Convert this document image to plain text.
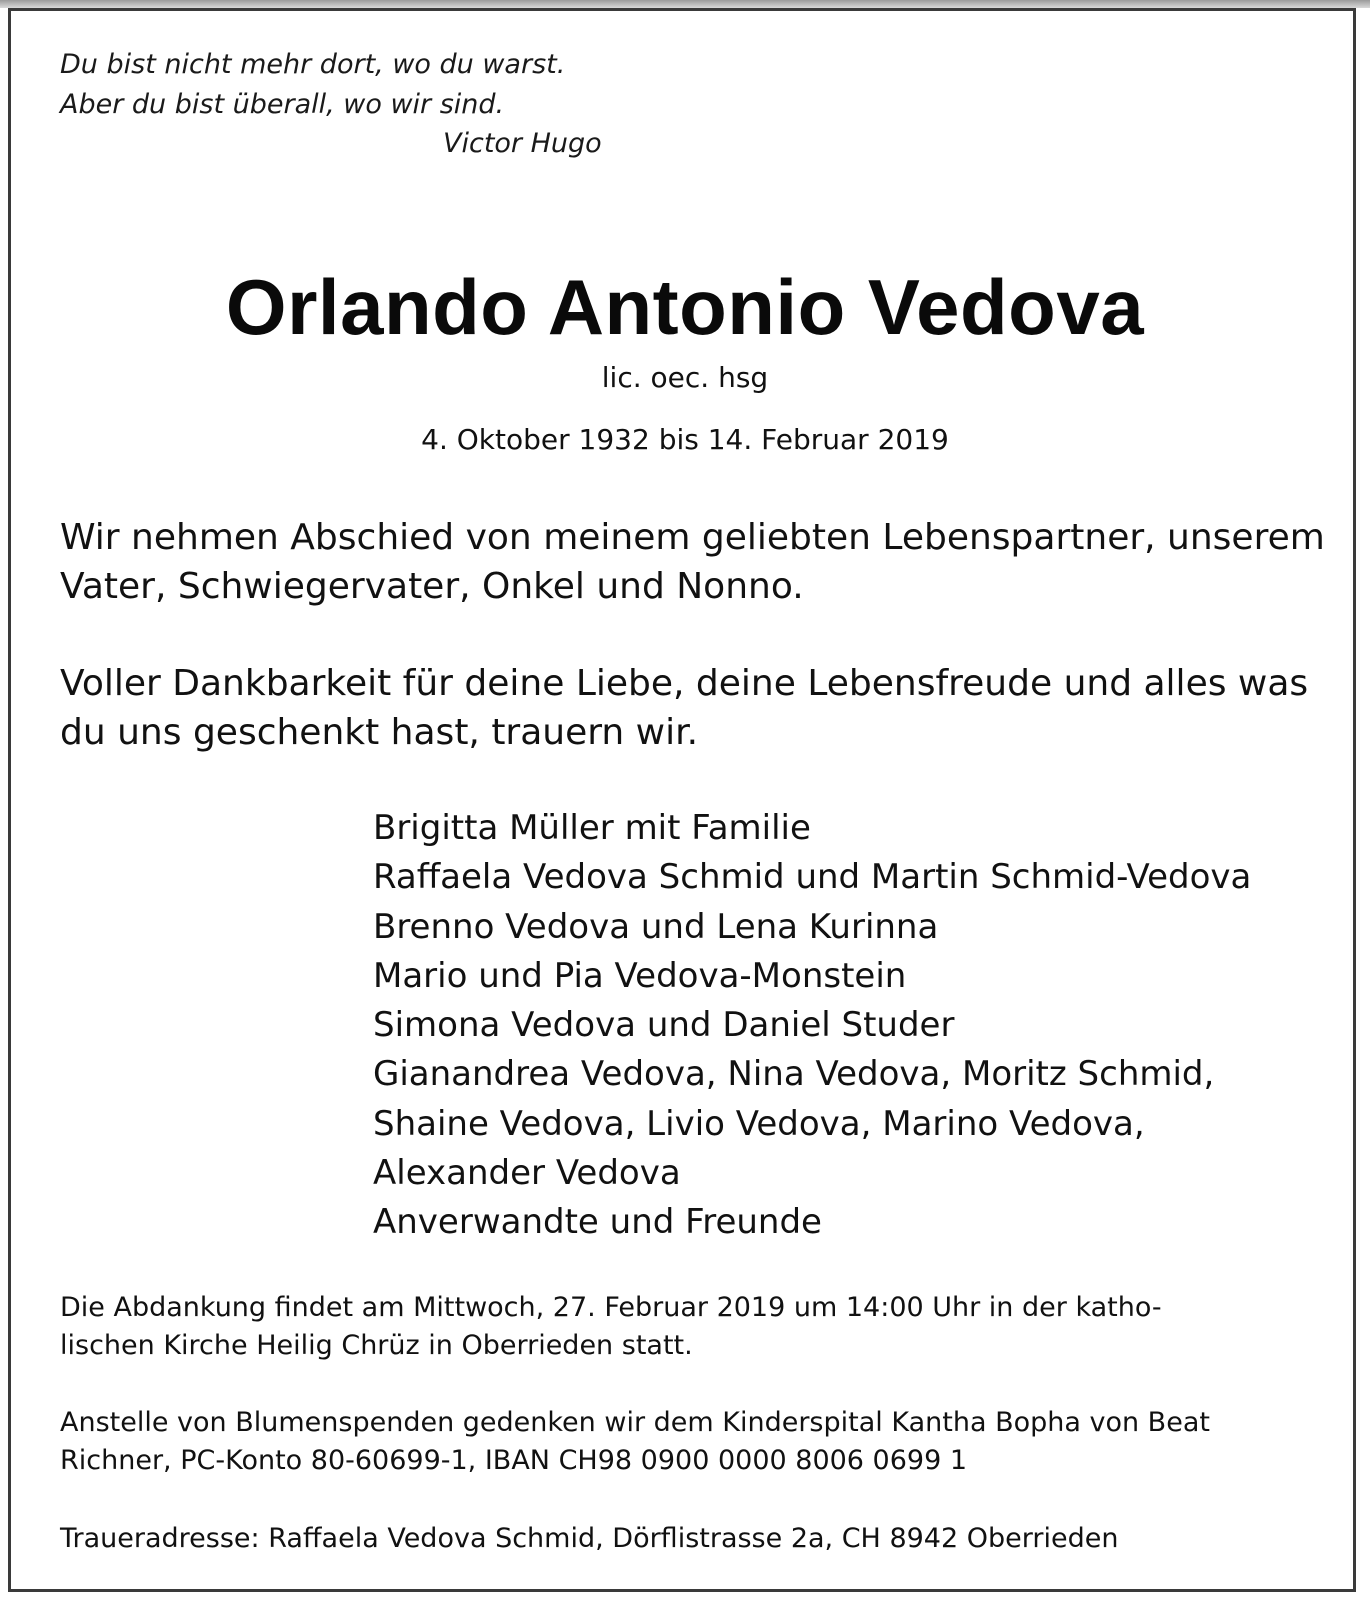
Du bist nicht mehr dort, wo du warst.
Aber du bist überall, wo wir sind.
Victor Hugo
Orlando Antonio Vedova
lic. oec. hsg
4. Oktober 1932 bis 14. Februar 2019
Wir nehmen Abschied von meinem geliebten Lebenspartner, unserem
Vater, Schwiegervater, Onkel und Nonno.
Voller Dankbarkeit für deine Liebe, deine Lebensfreude und alles was
du uns geschenkt hast, trauern wir.
Brigitta Müller mit Familie
Raffaela Vedova Schmid und Martin Schmid-Vedova
Brenno Vedova und Lena Kurinna
Mario und Pia Vedova-Monstein
Simona Vedova und Daniel Studer
Gianandrea Vedova, Nina Vedova, Moritz Schmid,
Shaine Vedova, Livio Vedova, Marino Vedova,
Alexander Vedova
Anverwandte und Freunde
Die Abdankung findet am Mittwoch, 27. Februar 2019 um 14:00 Uhr in der katho-
lischen Kirche Heilig Chrüz in Oberrieden statt.
Anstelle von Blumenspenden gedenken wir dem Kinderspital Kantha Bopha von Beat
Richner, PC-Konto 80-60699-1, IBAN CH98 0900 0000 8006 0699 1
Traueradresse: Raffaela Vedova Schmid, Dörflistrasse 2a, CH 8942 Oberrieden
